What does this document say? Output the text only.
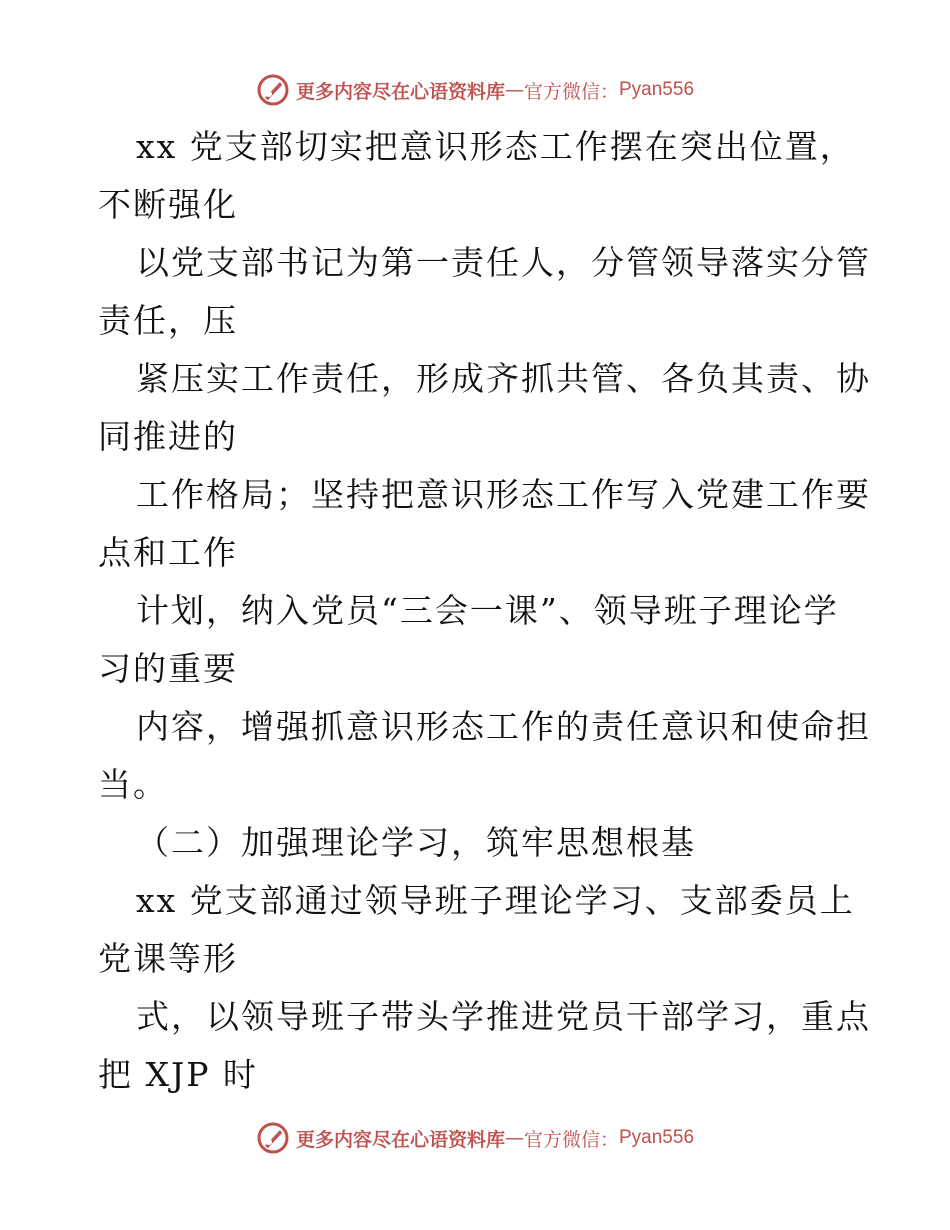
更多内容尽在心语资料库 — 官方微信： Pyan556
xx 党支部切实把意识形态工作摆在突出位置，
不断强化
以党支部书记为第一责任人，分管领导落实分管
责任，压
紧压实工作责任，形成齐抓共管、各负其责、协
同推进的
工作格局；坚持把意识形态工作写入党建工作要
点和工作
计划，纳入党员“三会一课”、领导班子理论学
习的重要
内容，增强抓意识形态工作的责任意识和使命担
当。
（二）加强理论学习，筑牢思想根基
xx 党支部通过领导班子理论学习、支部委员上
党课等形
式，以领导班子带头学推进党员干部学习，重点
把 XJP 时
更多内容尽在心语资料库 — 官方微信： Pyan556
